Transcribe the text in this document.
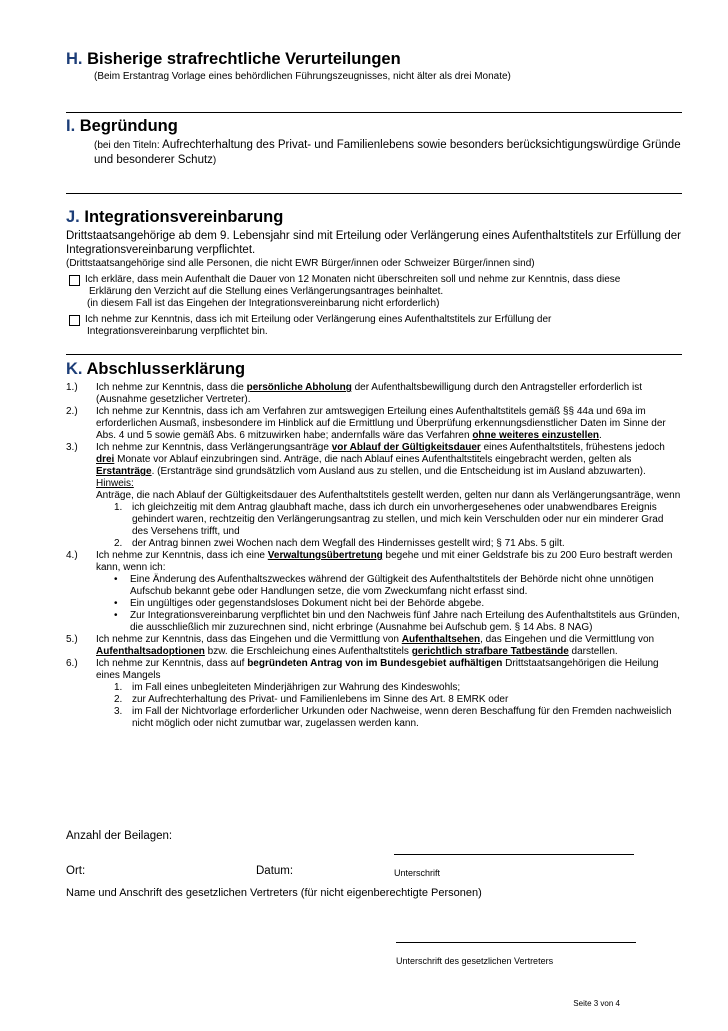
H. Bisherige strafrechtliche Verurteilungen
(Beim Erstantrag Vorlage eines behördlichen Führungszeugnisses, nicht älter als drei Monate)
I. Begründung
(bei den Titeln: Aufrechterhaltung des Privat- und Familienlebens sowie besonders berücksichtigungswürdige Gründe und besonderer Schutz)
J. Integrationsvereinbarung
Drittstaatsangehörige ab dem 9. Lebensjahr sind mit Erteilung oder Verlängerung eines Aufenthaltstitels zur Erfüllung der Integrationsvereinbarung verpflichtet.
(Drittstaatsangehörige sind alle Personen, die nicht EWR Bürger/innen oder Schweizer Bürger/innen sind)
Ich erkläre, dass mein Aufenthalt die Dauer von 12 Monaten nicht überschreiten soll und nehme zur Kenntnis, dass diese
Erklärung den Verzicht auf die Stellung eines Verlängerungsantrages beinhaltet.
(in diesem Fall ist das Eingehen der Integrationsvereinbarung nicht erforderlich)
Ich nehme zur Kenntnis, dass ich mit Erteilung oder Verlängerung eines Aufenthaltstitels zur Erfüllung der
Integrationsvereinbarung verpflichtet bin.
K. Abschlusserklärung
1.)	Ich nehme zur Kenntnis, dass die persönliche Abholung der Aufenthaltsbewilligung durch den Antragsteller erforderlich ist (Ausnahme gesetzlicher Vertreter).
2.)	Ich nehme zur Kenntnis, dass ich am Verfahren zur amtswegigen Erteilung eines Aufenthaltstitels gemäß §§ 44a und 69a im erforderlichen Ausmaß, insbesondere im Hinblick auf die Ermittlung und Überprüfung erkennungsdienstlicher Daten im Sinne der Abs. 4 und 5 sowie gemäß Abs. 6 mitzuwirken habe; andernfalls wäre das Verfahren ohne weiteres einzustellen.
3.)	Ich nehme zur Kenntnis, dass Verlängerungsanträge vor Ablauf der Gültigkeitsdauer eines Aufenthaltstitels, frühestens jedoch drei Monate vor Ablauf einzubringen sind. Anträge, die nach Ablauf eines Aufenthaltstitels eingebracht werden, gelten als Erstanträge. (Erstanträge sind grundsätzlich vom Ausland aus zu stellen, und die Entscheidung ist im Ausland abzuwarten).
Hinweis:
Anträge, die nach Ablauf der Gültigkeitsdauer des Aufenthaltstitels gestellt werden, gelten nur dann als Verlängerungsanträge, wenn
1. ich gleichzeitig mit dem Antrag glaubhaft mache, dass ich durch ein unvorhergesehenes oder unabwendbares Ereignis gehindert waren, rechtzeitig den Verlängerungsantrag zu stellen, und mich kein Verschulden oder nur ein minderer Grad des Versehens trifft, und
2. der Antrag binnen zwei Wochen nach dem Wegfall des Hindernisses gestellt wird; § 71 Abs. 5 gilt.
4.)	Ich nehme zur Kenntnis, dass ich eine Verwaltungsübertretung begehe und mit einer Geldstrafe bis zu 200 Euro bestraft werden kann, wenn ich:
•	Eine Änderung des Aufenthaltszweckes während der Gültigkeit des Aufenthaltstitels der Behörde nicht ohne unnötigen Aufschub bekannt gebe oder Handlungen setze, die vom Zweckumfang nicht erfasst sind.
•	Ein ungültiges oder gegenstandsloses Dokument nicht bei der Behörde abgebe.
•	Zur Integrationsvereinbarung verpflichtet bin und den Nachweis fünf Jahre nach Erteilung des Aufenthaltstitels aus Gründen, die ausschließlich mir zuzurechnen sind, nicht erbringe (Ausnahme bei Aufschub gem. § 14 Abs. 8 NAG)
5.)	Ich nehme zur Kenntnis, dass das Eingehen und die Vermittlung von Aufenthaltsehen, das Eingehen und die Vermittlung von Aufenthaltsadoptionen bzw. die Erschleichung eines Aufenthaltstitels gerichtlich strafbare Tatbestände darstellen.
6.)	Ich nehme zur Kenntnis, dass auf begründeten Antrag von im Bundesgebiet aufhältigen Drittstaatsangehörigen die Heilung eines Mangels
1. im Fall eines unbegleiteten Minderjährigen zur Wahrung des Kindeswohls;
2. zur Aufrechterhaltung des Privat- und Familienlebens im Sinne des Art. 8 EMRK oder
3. im Fall der Nichtvorlage erforderlicher Urkunden oder Nachweise, wenn deren Beschaffung für den Fremden nachweislich nicht möglich oder nicht zumutbar war, zugelassen werden kann.
Anzahl der Beilagen:
Ort:	Datum:	Unterschrift
Name und Anschrift des gesetzlichen Vertreters (für nicht eigenberechtigte Personen)
Unterschrift des gesetzlichen Vertreters
Seite 3 von 4
